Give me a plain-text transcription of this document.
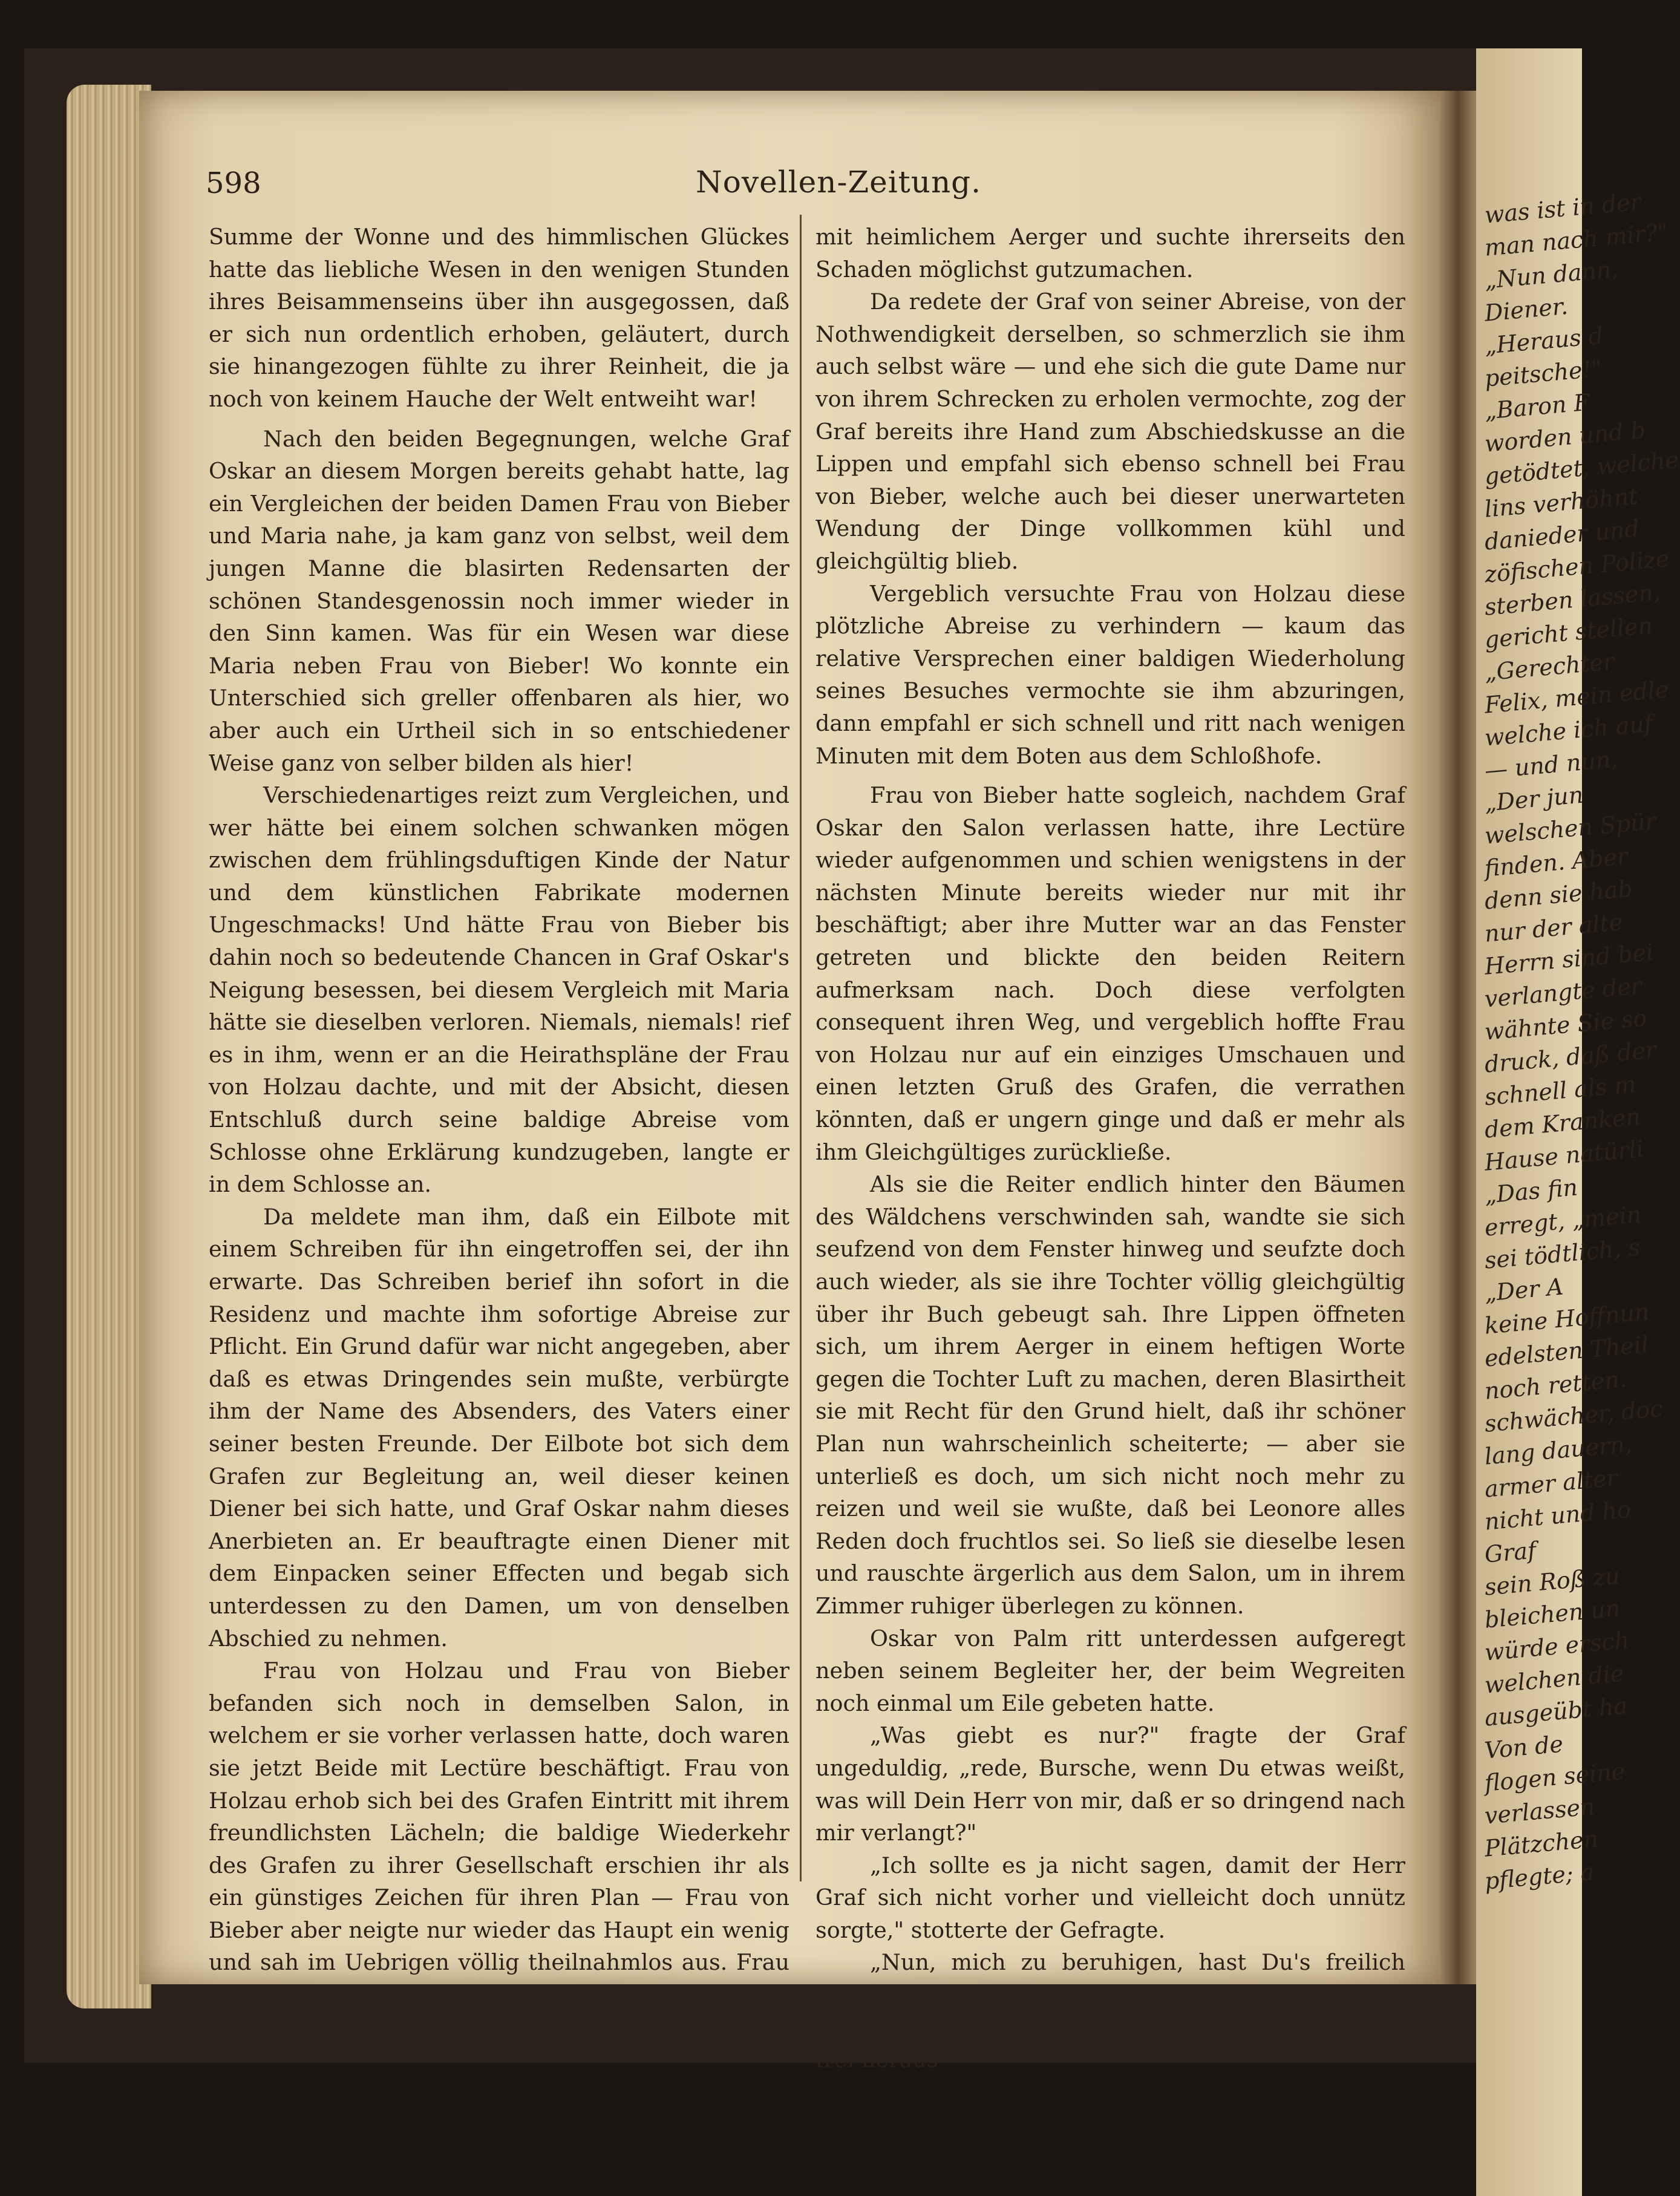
was ist in der
man nach mir?"
„Nun dann,
Diener.
„Heraus d
peitsche!"
„Baron F
worden und b
getödtet, welche
lins verhöhnt
danieder und
zöfischen Polize
sterben lassen,
gericht stellen
„Gerechter
Felix, mein edle
welche ich auf
— und nun,
„Der jun
welschen Spür
finden. Aber
denn sie hab
nur der alte
Herrn sind bei
verlangte der
wähnte Sie so
druck, daß der
schnell als m
dem Kranken
Hause natürli
„Das fin
erregt, „mein
sei tödtlich, s
„Der A
keine Hoffnun
edelsten Theil
noch retten.
schwächer, doc
lang dauern,
armer alter
nicht und ho
Graf
sein Roß zu
bleichen un
würde ersch
welchen die
ausgeübt ha
Von de
flogen seine
verlassen
Plätzchen
pflegte; a
598	Novellen-Zeitung.

Summe der Wonne und des himmlischen Glückes hatte das liebliche Wesen in den wenigen Stunden ihres Beisammenseins über ihn ausgegossen, daß er sich nun ordentlich erhoben, geläutert, durch sie hinangezogen fühlte zu ihrer Reinheit, die ja noch von keinem Hauche der Welt entweiht war!

Nach den beiden Begegnungen, welche Graf Oskar an diesem Morgen bereits gehabt hatte, lag ein Vergleichen der beiden Damen Frau von Bieber und Maria nahe, ja kam ganz von selbst, weil dem jungen Manne die blasirten Redensarten der schönen Standesgenossin noch immer wieder in den Sinn kamen. Was für ein Wesen war diese Maria neben Frau von Bieber! Wo konnte ein Unterschied sich greller offenbaren als hier, wo aber auch ein Urtheil sich in so entschiedener Weise ganz von selber bilden als hier!

Verschiedenartiges reizt zum Vergleichen, und wer hätte bei einem solchen schwanken mögen zwischen dem frühlingsduftigen Kinde der Natur und dem künstlichen Fabrikate modernen Ungeschmacks! Und hätte Frau von Bieber bis dahin noch so bedeutende Chancen in Graf Oskar's Neigung besessen, bei diesem Vergleich mit Maria hätte sie dieselben verloren. Niemals, niemals! rief es in ihm, wenn er an die Heirathspläne der Frau von Holzau dachte, und mit der Absicht, diesen Entschluß durch seine baldige Abreise vom Schlosse ohne Erklärung kundzugeben, langte er in dem Schlosse an.

Da meldete man ihm, daß ein Eilbote mit einem Schreiben für ihn eingetroffen sei, der ihn erwarte. Das Schreiben berief ihn sofort in die Residenz und machte ihm sofortige Abreise zur Pflicht. Ein Grund dafür war nicht angegeben, aber daß es etwas Dringendes sein mußte, verbürgte ihm der Name des Absenders, des Vaters einer seiner besten Freunde. Der Eilbote bot sich dem Grafen zur Begleitung an, weil dieser keinen Diener bei sich hatte, und Graf Oskar nahm dieses Anerbieten an. Er beauftragte einen Diener mit dem Einpacken seiner Effecten und begab sich unterdessen zu den Damen, um von denselben Abschied zu nehmen.

Frau von Holzau und Frau von Bieber befanden sich noch in demselben Salon, in welchem er sie vorher verlassen hatte, doch waren sie jetzt Beide mit Lectüre beschäftigt. Frau von Holzau erhob sich bei des Grafen Eintritt mit ihrem freundlichsten Lächeln; die baldige Wiederkehr des Grafen zu ihrer Gesellschaft erschien ihr als ein günstiges Zeichen für ihren Plan — Frau von Bieber aber neigte nur wieder das Haupt ein wenig und sah im Uebrigen völlig theilnahmlos aus. Frau von Holzau bemerkte das

mit heimlichem Aerger und suchte ihrerseits den Schaden möglichst gutzumachen.

Da redete der Graf von seiner Abreise, von der Nothwendigkeit derselben, so schmerzlich sie ihm auch selbst wäre — und ehe sich die gute Dame nur von ihrem Schrecken zu erholen vermochte, zog der Graf bereits ihre Hand zum Abschiedskusse an die Lippen und empfahl sich ebenso schnell bei Frau von Bieber, welche auch bei dieser unerwarteten Wendung der Dinge vollkommen kühl und gleichgültig blieb.

Vergeblich versuchte Frau von Holzau diese plötzliche Abreise zu verhindern — kaum das relative Versprechen einer baldigen Wiederholung seines Besuches vermochte sie ihm abzuringen, dann empfahl er sich schnell und ritt nach wenigen Minuten mit dem Boten aus dem Schloßhofe.

Frau von Bieber hatte sogleich, nachdem Graf Oskar den Salon verlassen hatte, ihre Lectüre wieder aufgenommen und schien wenigstens in der nächsten Minute bereits wieder nur mit ihr beschäftigt; aber ihre Mutter war an das Fenster getreten und blickte den beiden Reitern aufmerksam nach. Doch diese verfolgten consequent ihren Weg, und vergeblich hoffte Frau von Holzau nur auf ein einziges Umschauen und einen letzten Gruß des Grafen, die verrathen könnten, daß er ungern ginge und daß er mehr als ihm Gleichgültiges zurückließe.

Als sie die Reiter endlich hinter den Bäumen des Wäldchens verschwinden sah, wandte sie sich seufzend von dem Fenster hinweg und seufzte doch auch wieder, als sie ihre Tochter völlig gleichgültig über ihr Buch gebeugt sah. Ihre Lippen öffneten sich, um ihrem Aerger in einem heftigen Worte gegen die Tochter Luft zu machen, deren Blasirtheit sie mit Recht für den Grund hielt, daß ihr schöner Plan nun wahrscheinlich scheiterte; — aber sie unterließ es doch, um sich nicht noch mehr zu reizen und weil sie wußte, daß bei Leonore alles Reden doch fruchtlos sei. So ließ sie dieselbe lesen und rauschte ärgerlich aus dem Salon, um in ihrem Zimmer ruhiger überlegen zu können.

Oskar von Palm ritt unterdessen aufgeregt neben seinem Begleiter her, der beim Wegreiten noch einmal um Eile gebeten hatte.

„Was giebt es nur?" fragte der Graf ungeduldig, „rede, Bursche, wenn Du etwas weißt, was will Dein Herr von mir, daß er so dringend nach mir verlangt?"

„Ich sollte es ja nicht sagen, damit der Herr Graf sich nicht vorher und vielleicht doch unnütz sorgte," stotterte der Gefragte.

„Nun, mich zu beruhigen, hast Du's freilich dumm genug angefangen, jetzt kann mir nichts fataler sein, als die Ungewißheit — also rede, rede frei heraus
